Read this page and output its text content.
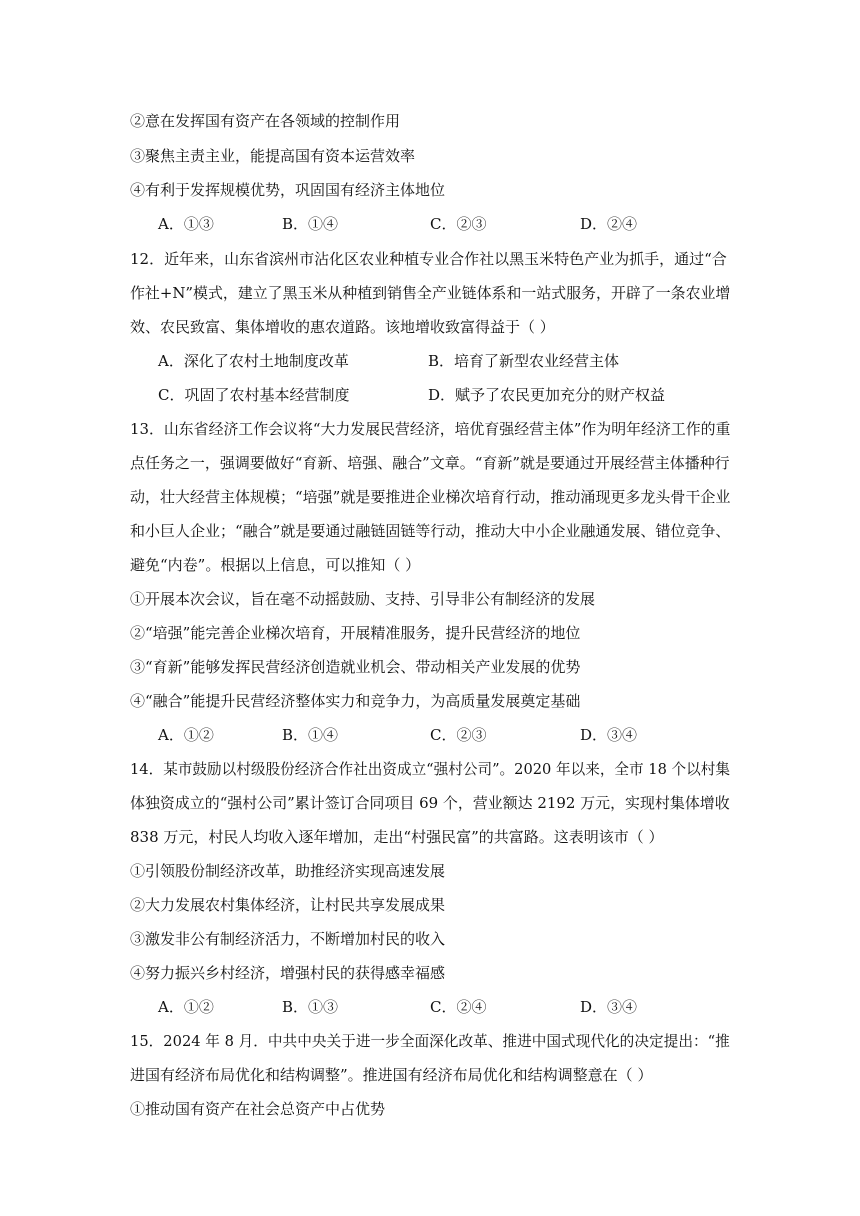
②意在发挥国有资产在各领域的控制作用
③聚焦主责主业，能提高国有资本运营效率
④有利于发挥规模优势，巩固国有经济主体地位
A．①③	B．①④	C．②③	D．②④
12．近年来，山东省滨州市沾化区农业种植专业合作社以黑玉米特色产业为抓手，通过“合
作社+N”模式，建立了黑玉米从种植到销售全产业链体系和一站式服务，开辟了一条农业增
效、农民致富、集体增收的惠农道路。该地增收致富得益于（ ）
A．深化了农村土地制度改革	B．培育了新型农业经营主体
C．巩固了农村基本经营制度	D．赋予了农民更加充分的财产权益
13．山东省经济工作会议将“大力发展民营经济，培优育强经营主体”作为明年经济工作的重
点任务之一，强调要做好“育新、培强、融合”文章。“育新”就是要通过开展经营主体播种行
动，壮大经营主体规模；“培强”就是要推进企业梯次培育行动，推动涌现更多龙头骨干企业
和小巨人企业；“融合”就是要通过融链固链等行动，推动大中小企业融通发展、错位竞争、
避免“内卷”。根据以上信息，可以推知（ ）
①开展本次会议，旨在毫不动摇鼓励、支持、引导非公有制经济的发展
②“培强”能完善企业梯次培育，开展精准服务，提升民营经济的地位
③“育新”能够发挥民营经济创造就业机会、带动相关产业发展的优势
④“融合”能提升民营经济整体实力和竞争力，为高质量发展奠定基础
A．①②	B．①④	C．②③	D．③④
14．某市鼓励以村级股份经济合作社出资成立“强村公司”。2020 年以来，全市 18 个以村集
体独资成立的“强村公司”累计签订合同项目 69 个，营业额达 2192 万元，实现村集体增收
838 万元，村民人均收入逐年增加，走出“村强民富”的共富路。这表明该市（ ）
①引领股份制经济改革，助推经济实现高速发展
②大力发展农村集体经济，让村民共享发展成果
③激发非公有制经济活力，不断增加村民的收入
④努力振兴乡村经济，增强村民的获得感幸福感
A．①②	B．①③	C．②④	D．③④
15．2024 年 8 月．中共中央关于进一步全面深化改革、推进中国式现代化的决定提出：“推
进国有经济布局优化和结构调整”。推进国有经济布局优化和结构调整意在（ ）
①推动国有资产在社会总资产中占优势
